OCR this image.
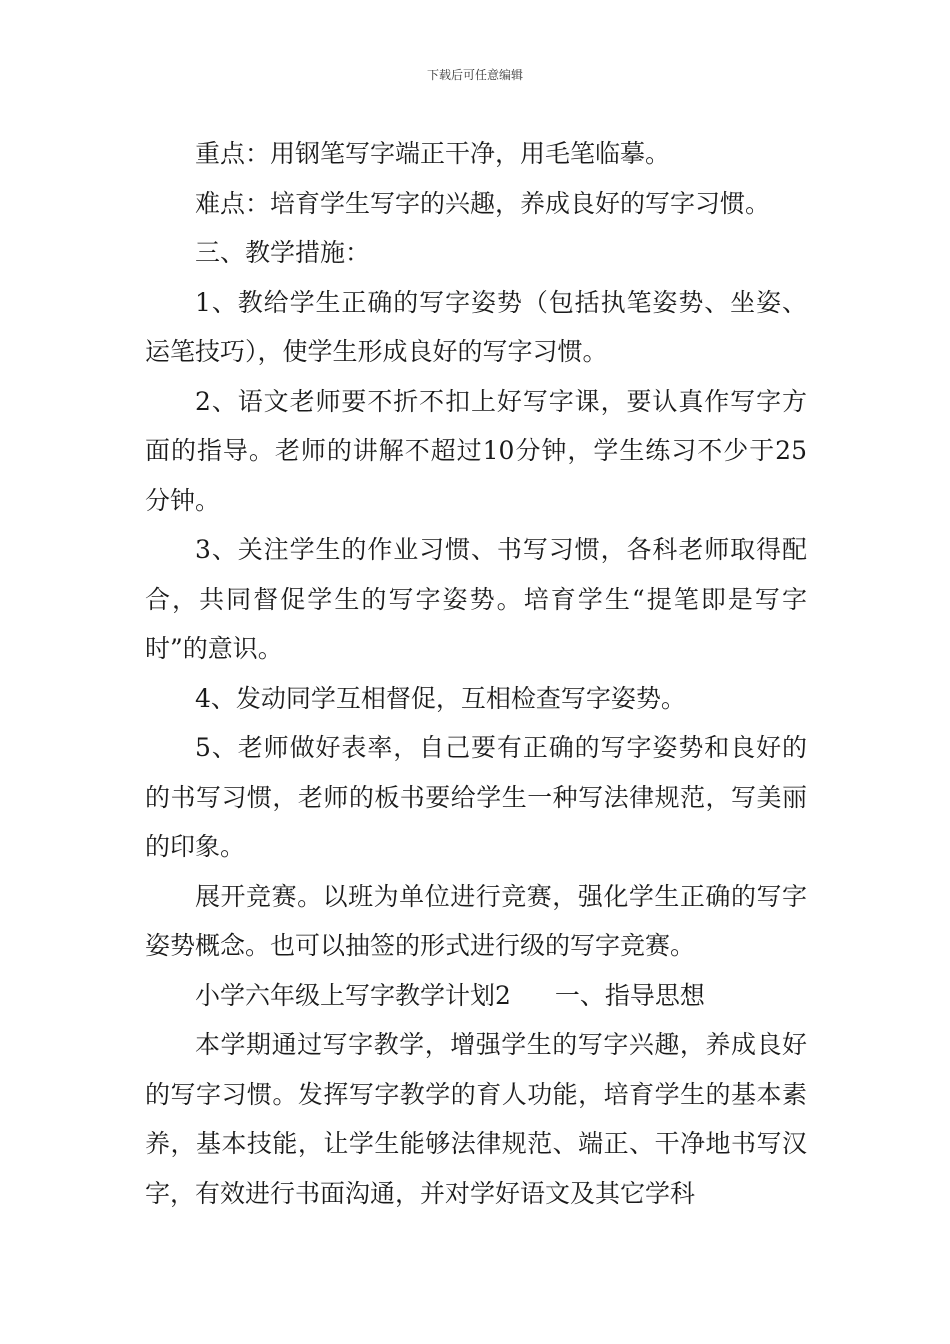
下载后可任意编辑

重点：用钢笔写字端正干净，用毛笔临摹。

难点：培育学生写字的兴趣，养成良好的写字习惯。

三、教学措施：

1、教给学生正确的写字姿势（包括执笔姿势、坐姿、运笔技巧），使学生形成良好的写字习惯。

2、语文老师要不折不扣上好写字课，要认真作写字方面的指导。老师的讲解不超过10分钟，学生练习不少于25分钟。

3、关注学生的作业习惯、书写习惯，各科老师取得配合，共同督促学生的写字姿势。培育学生“提笔即是写字时”的意识。

4、发动同学互相督促，互相检查写字姿势。

5、老师做好表率，自己要有正确的写字姿势和良好的的书写习惯，老师的板书要给学生一种写法律规范，写美丽的印象。

展开竞赛。以班为单位进行竞赛，强化学生正确的写字姿势概念。也可以抽签的形式进行级的写字竞赛。

小学六年级上写字教学计划2 一、指导思想

本学期通过写字教学，增强学生的写字兴趣，养成良好的写字习惯。发挥写字教学的育人功能，培育学生的基本素养，基本技能，让学生能够法律规范、端正、干净地书写汉字，有效进行书面沟通，并对学好语文及其它学科
